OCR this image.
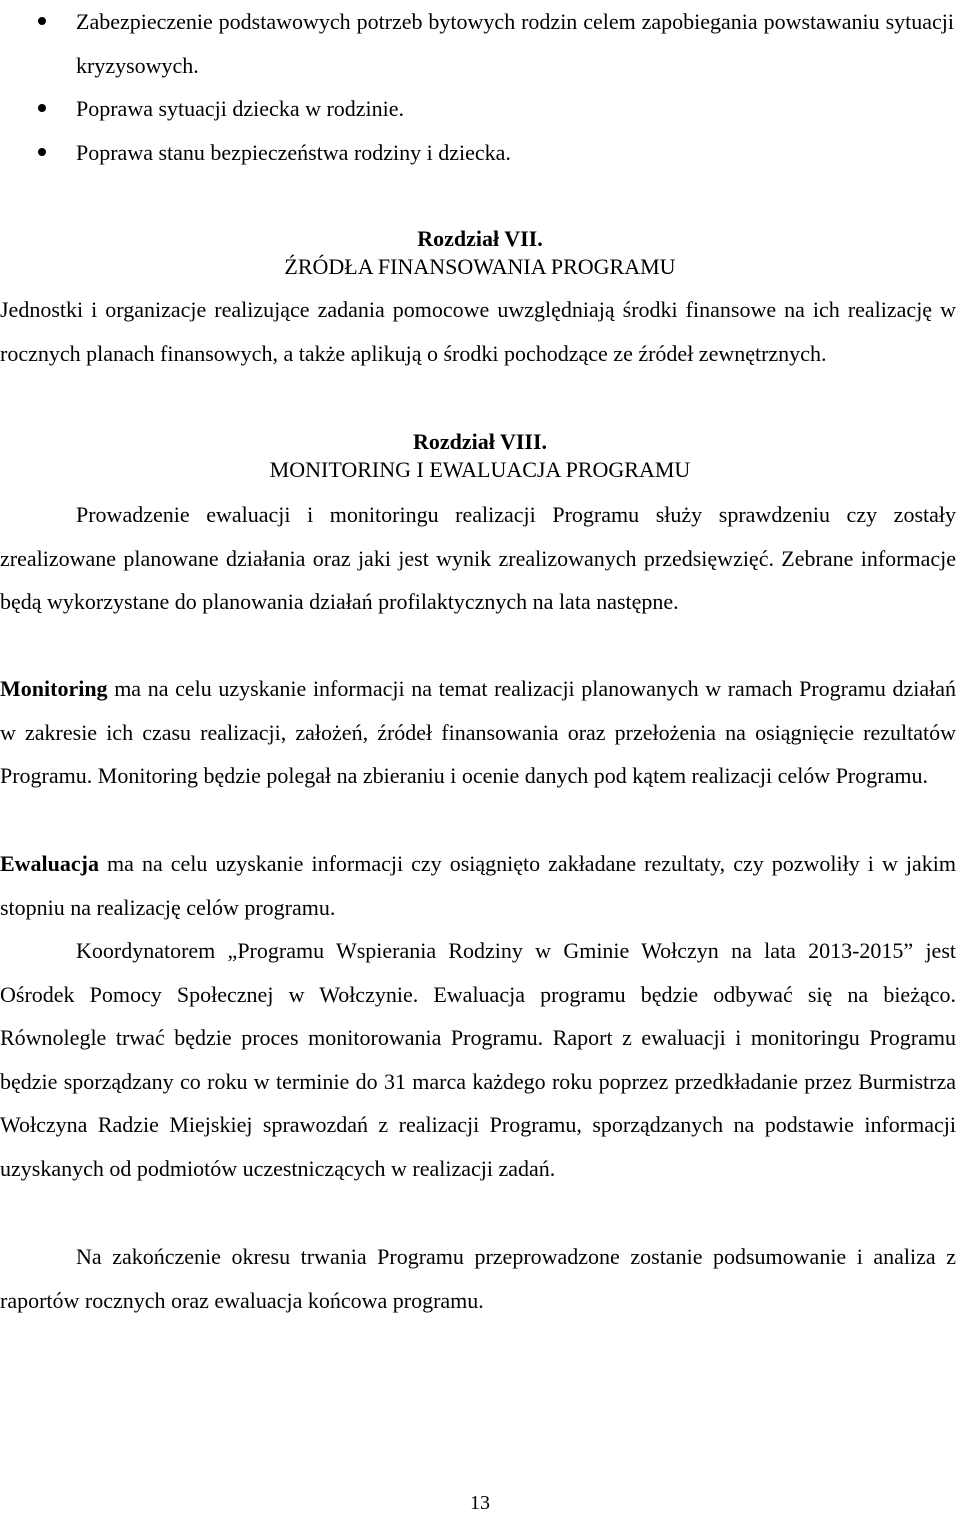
Zabezpieczenie podstawowych potrzeb bytowych rodzin celem zapobiegania powstawaniu sytuacji kryzysowych.
Poprawa sytuacji dziecka w rodzinie.
Poprawa stanu bezpieczeństwa rodziny i dziecka.
Rozdział VII.
ŹRÓDŁA FINANSOWANIA PROGRAMU

Jednostki i organizacje realizujące zadania pomocowe uwzględniają środki finansowe na ich realizację w rocznych planach finansowych, a także aplikują o środki pochodzące ze źródeł zewnętrznych.

Rozdział VIII.
MONITORING I EWALUACJA PROGRAMU

Prowadzenie ewaluacji i monitoringu realizacji Programu służy sprawdzeniu czy zostały zrealizowane planowane działania oraz jaki jest wynik zrealizowanych przedsięwzięć. Zebrane informacje będą wykorzystane do planowania działań profilaktycznych na lata następne.

Monitoring ma na celu uzyskanie informacji na temat realizacji planowanych w ramach Programu działań w zakresie ich czasu realizacji, założeń, źródeł finansowania oraz przełożenia na osiągnięcie rezultatów Programu. Monitoring będzie polegał na zbieraniu i ocenie danych pod kątem realizacji celów Programu.

Ewaluacja ma na celu uzyskanie informacji czy osiągnięto zakładane rezultaty, czy pozwoliły i w jakim stopniu na realizację celów programu.

Koordynatorem „Programu Wspierania Rodziny w Gminie Wołczyn na lata 2013-2015” jest Ośrodek Pomocy Społecznej w Wołczynie. Ewaluacja programu będzie odbywać się na bieżąco. Równolegle trwać będzie proces monitorowania Programu. Raport z ewaluacji i monitoringu Programu będzie sporządzany co roku w terminie do 31 marca każdego roku poprzez przedkładanie przez Burmistrza Wołczyna Radzie Miejskiej sprawozdań z realizacji Programu, sporządzanych na podstawie informacji uzyskanych od podmiotów uczestniczących w realizacji zadań.

Na zakończenie okresu trwania Programu przeprowadzone zostanie podsumowanie i analiza z raportów rocznych oraz ewaluacja końcowa programu.

13
